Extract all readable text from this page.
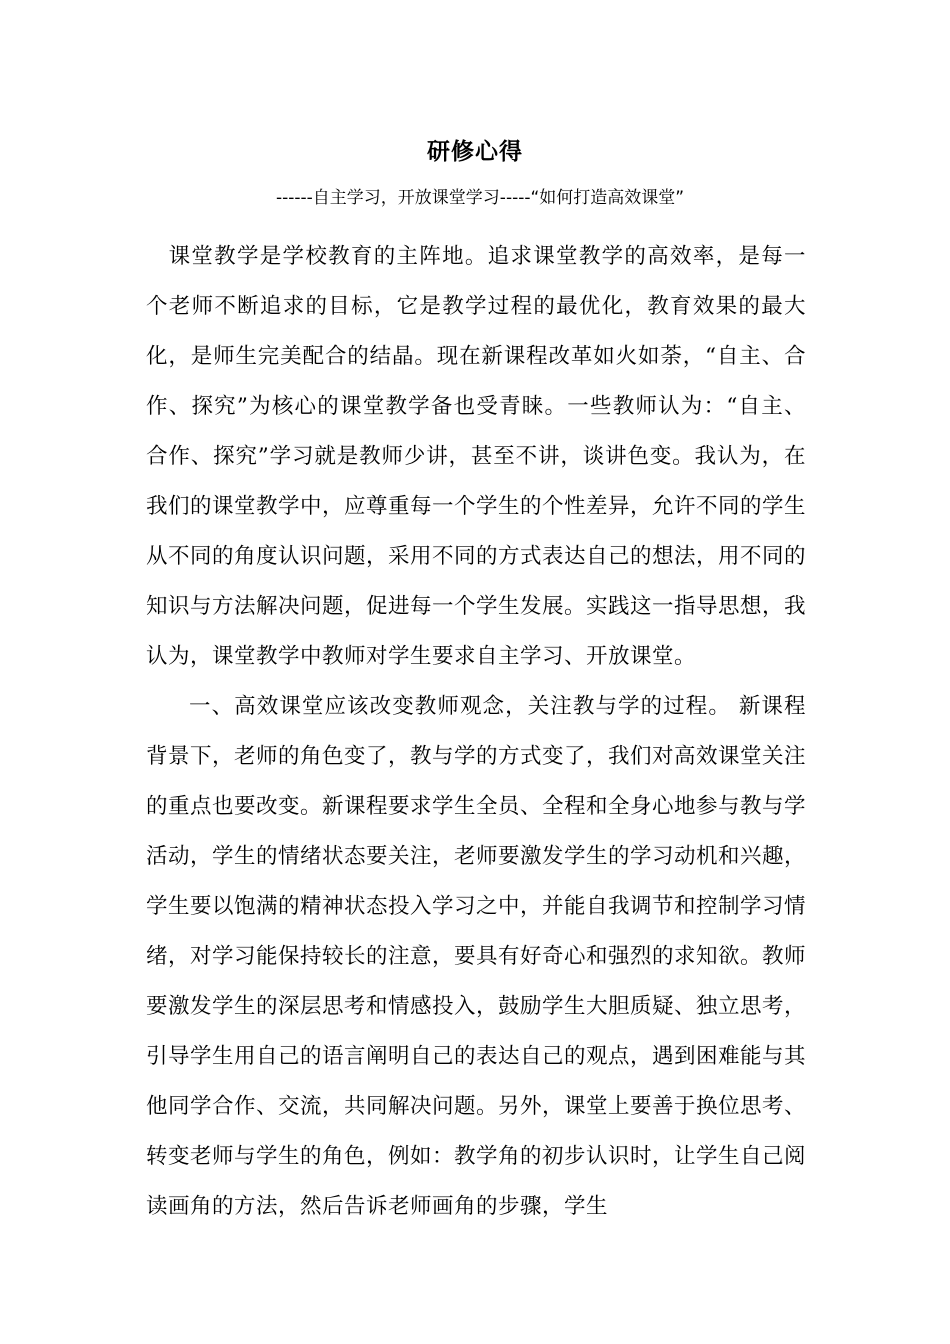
研修心得
------自主学习，开放课堂学习-----“如何打造高效课堂”

课堂教学是学校教育的主阵地。追求课堂教学的高效率，是每一个老师不断追求的目标，它是教学过程的最优化，教育效果的最大化，是师生完美配合的结晶。现在新课程改革如火如荼，“自主、合作、探究”为核心的课堂教学备也受青睐。一些教师认为：“自主、合作、探究”学习就是教师少讲，甚至不讲，谈讲色变。我认为，在我们的课堂教学中，应尊重每一个学生的个性差异，允许不同的学生从不同的角度认识问题，采用不同的方式表达自己的想法，用不同的知识与方法解决问题，促进每一个学生发展。实践这一指导思想，我认为，课堂教学中教师对学生要求自主学习、开放课堂。

一、高效课堂应该改变教师观念，关注教与学的过程。 新课程背景下，老师的角色变了，教与学的方式变了，我们对高效课堂关注的重点也要改变。新课程要求学生全员、全程和全身心地参与教与学活动，学生的情绪状态要关注，老师要激发学生的学习动机和兴趣，学生要以饱满的精神状态投入学习之中，并能自我调节和控制学习情绪，对学习能保持较长的注意，要具有好奇心和强烈的求知欲。教师要激发学生的深层思考和情感投入，鼓励学生大胆质疑、独立思考，引导学生用自己的语言阐明自己的表达自己的观点，遇到困难能与其他同学合作、交流，共同解决问题。另外，课堂上要善于换位思考、转变老师与学生的角色，例如：教学角的初步认识时，让学生自己阅读画角的方法，然后告诉老师画角的步骤，学生
